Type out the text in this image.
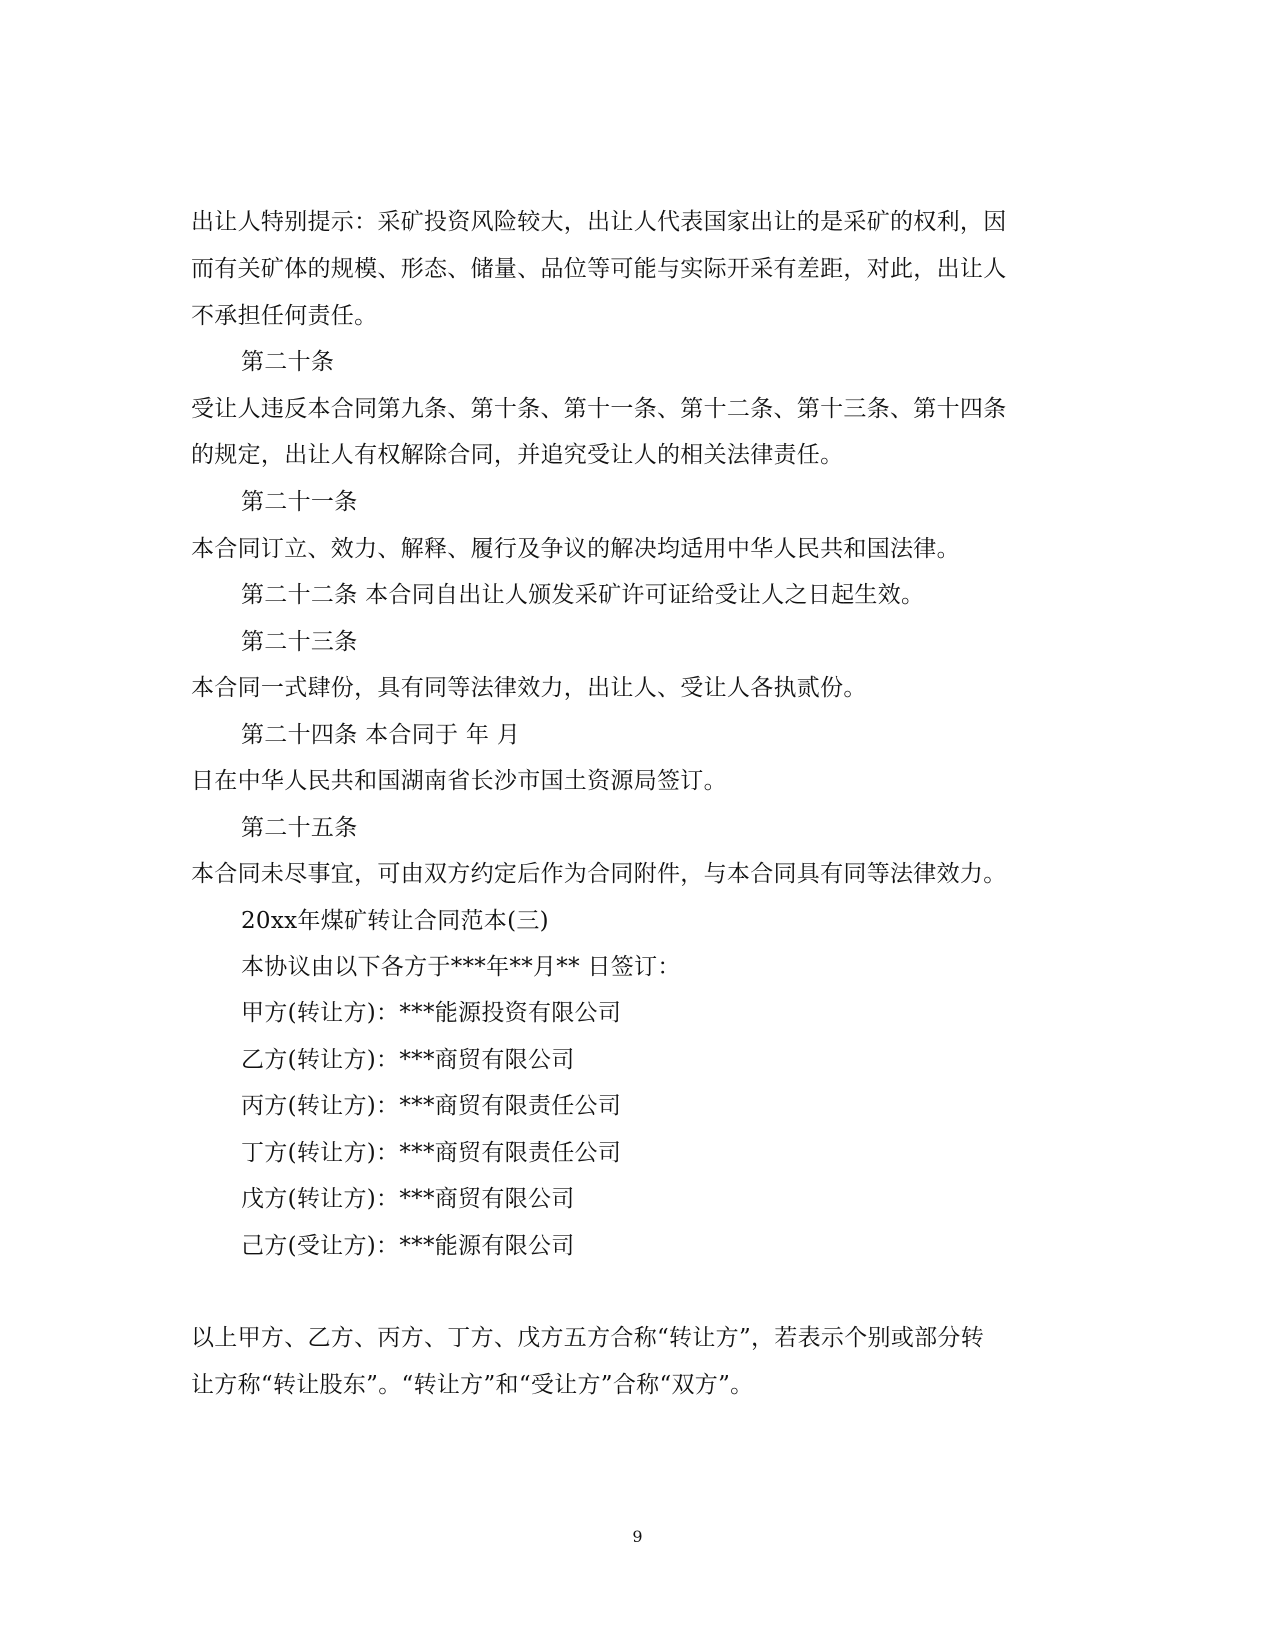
出让人特别提示：采矿投资风险较大，出让人代表国家出让的是采矿的权利，因
而有关矿体的规模、形态、储量、品位等可能与实际开采有差距，对此，出让人
不承担任何责任。
第二十条
受让人违反本合同第九条、第十条、第十一条、第十二条、第十三条、第十四条
的规定，出让人有权解除合同，并追究受让人的相关法律责任。
第二十一条
本合同订立、效力、解释、履行及争议的解决均适用中华人民共和国法律。
第二十二条 本合同自出让人颁发采矿许可证给受让人之日起生效。
第二十三条
本合同一式肆份，具有同等法律效力，出让人、受让人各执贰份。
第二十四条 本合同于 年 月
日在中华人民共和国湖南省长沙市国土资源局签订。
第二十五条
本合同未尽事宜，可由双方约定后作为合同附件，与本合同具有同等法律效力。
20xx年煤矿转让合同范本(三)
本协议由以下各方于***年**月** 日签订：
甲方(转让方)：***能源投资有限公司
乙方(转让方)：***商贸有限公司
丙方(转让方)：***商贸有限责任公司
丁方(转让方)：***商贸有限责任公司
戊方(转让方)：***商贸有限公司
己方(受让方)：***能源有限公司
以上甲方、乙方、丙方、丁方、戊方五方合称“转让方”，若表示个别或部分转
让方称“转让股东”。“转让方”和“受让方”合称“双方”。
9
